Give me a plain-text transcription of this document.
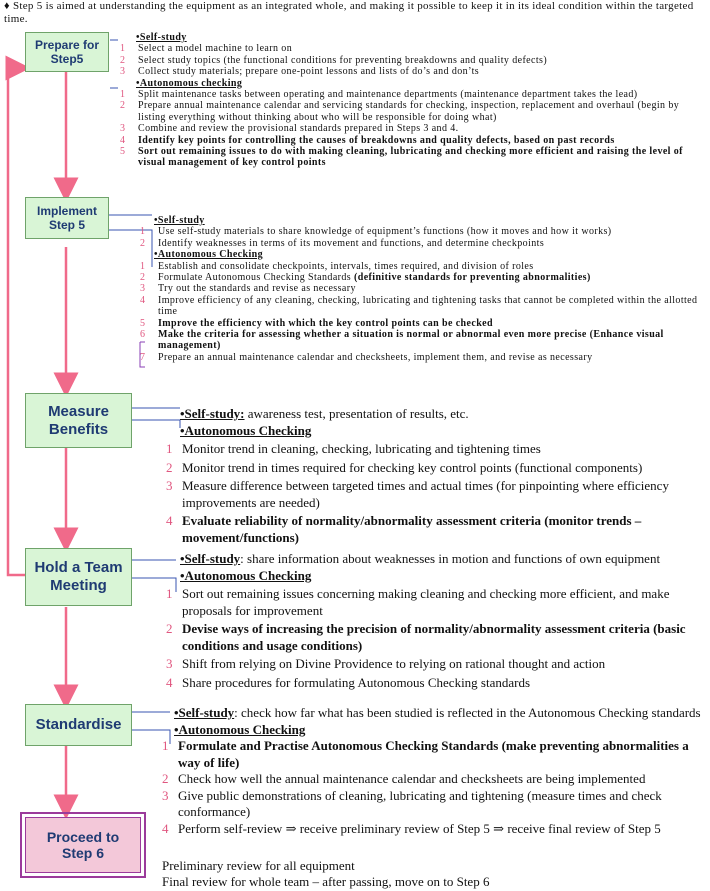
♦ Step 5 is aimed at understanding the equipment as an integrated whole, and making it possible to keep it in its ideal condition within the targeted time.
Prepare for Step5
Implement Step 5
Measure Benefits
Hold a Team Meeting
Standardise
Proceed to Step 6
•Self-study
1 Select a model machine to learn on
2 Select study topics (the functional conditions for preventing breakdowns and quality defects)
3 Collect study materials; prepare one-point lessons and lists of do’s and don’ts
•Autonomous checking
1 Split maintenance tasks between operating and maintenance departments (maintenance department takes the lead)
2 Prepare annual maintenance calendar and servicing standards for checking, inspection, replacement and overhaul (begin by listing everything without thinking about who will be responsible for doing what)
3 Combine and review the provisional standards prepared in Steps 3 and 4.
4 Identify key points for controlling the causes of breakdowns and quality defects, based on past records
5 Sort out remaining issues to do with making cleaning, lubricating and checking more efficient and raising the level of visual management of key control points
•Self-study
1 Use self-study materials to share knowledge of equipment’s functions (how it moves and how it works)
2 Identify weaknesses in terms of its movement and functions, and determine checkpoints
•Autonomous Checking
1 Establish and consolidate checkpoints, intervals, times required, and division of roles
2 Formulate Autonomous Checking Standards (definitive standards for preventing abnormalities)
3 Try out the standards and revise as necessary
4 Improve efficiency of any cleaning, checking, lubricating and tightening tasks that cannot be completed within the allotted time
5 Improve the efficiency with which the key control points can be checked
6 Make the criteria for assessing whether a situation is normal or abnormal even more precise (Enhance visual management)
7 Prepare an annual maintenance calendar and checksheets, implement them, and revise as necessary
•Self-study: awareness test, presentation of results, etc.
•Autonomous Checking
1 Monitor trend in cleaning, checking, lubricating and tightening times
2 Monitor trend in times required for checking key control points (functional components)
3 Measure difference between targeted times and actual times (for pinpointing where efficiency improvements are needed)
4 Evaluate reliability of normality/abnormality assessment criteria (monitor trends – movement/functions)
•Self-study: share information about weaknesses in motion and functions of own equipment
•Autonomous Checking
1 Sort out remaining issues concerning making cleaning and checking more efficient, and make proposals for improvement
2 Devise ways of increasing the precision of normality/abnormality assessment criteria (basic conditions and usage conditions)
3 Shift from relying on Divine Providence to relying on rational thought and action
4 Share procedures for formulating Autonomous Checking standards
•Self-study: check how far what has been studied is reflected in the Autonomous Checking standards
•Autonomous Checking
1 Formulate and Practise Autonomous Checking Standards (make preventing abnormalities a way of life)
2 Check how well the annual maintenance calendar and checksheets are being implemented
3 Give public demonstrations of cleaning, lubricating and tightening (measure times and check conformance)
4 Perform self-review ⇒ receive preliminary review of Step 5 ⇒ receive final review of Step 5
Preliminary review for all equipment
Final review for whole team – after passing, move on to Step 6
